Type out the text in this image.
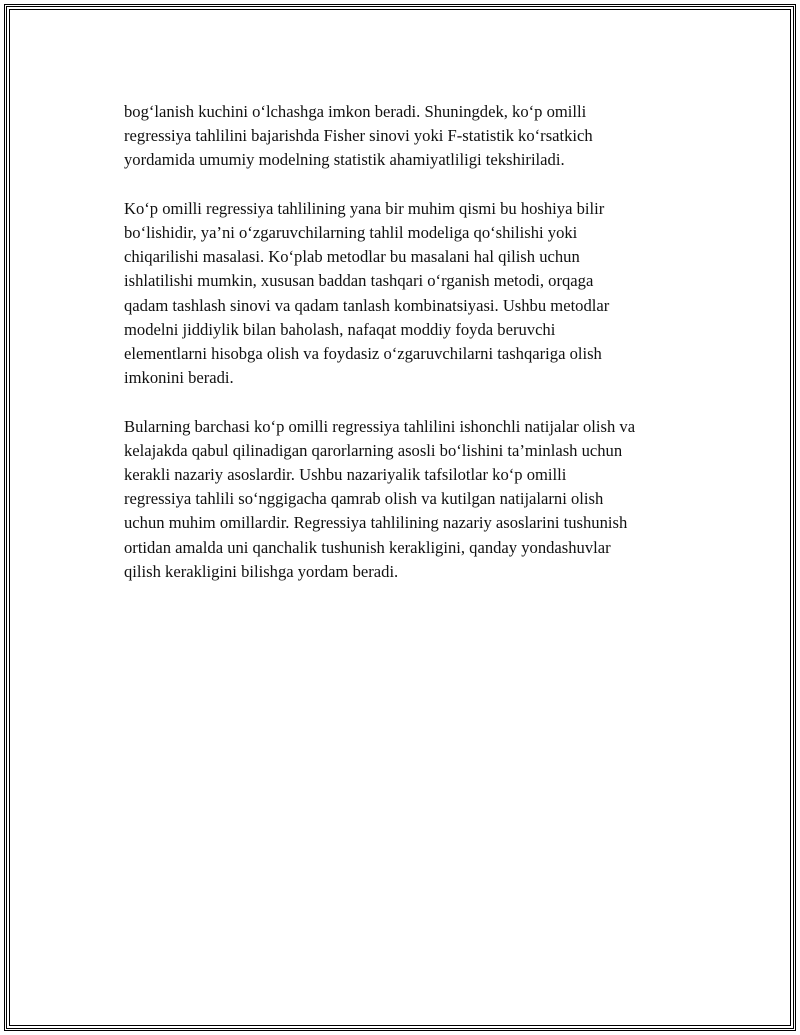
bog‘lanish kuchini o‘lchashga imkon beradi. Shuningdek, ko‘p omilli
regressiya tahlilini bajarishda Fisher sinovi yoki F-statistik ko‘rsatkich
yordamida umumiy modelning statistik ahamiyatliligi tekshiriladi.

Ko‘p omilli regressiya tahlilining yana bir muhim qismi bu hoshiya bilir
bo‘lishidir, ya’ni o‘zgaruvchilarning tahlil modeliga qo‘shilishi yoki
chiqarilishi masalasi. Ko‘plab metodlar bu masalani hal qilish uchun
ishlatilishi mumkin, xususan baddan tashqari o‘rganish metodi, orqaga
qadam tashlash sinovi va qadam tanlash kombinatsiyasi. Ushbu metodlar
modelni jiddiylik bilan baholash, nafaqat moddiy foyda beruvchi
elementlarni hisobga olish va foydasiz o‘zgaruvchilarni tashqariga olish
imkonini beradi.

Bularning barchasi ko‘p omilli regressiya tahlilini ishonchli natijalar olish va
kelajakda qabul qilinadigan qarorlarning asosli bo‘lishini ta’minlash uchun
kerakli nazariy asoslardir. Ushbu nazariyalik tafsilotlar ko‘p omilli
regressiya tahlili so‘nggigacha qamrab olish va kutilgan natijalarni olish
uchun muhim omillardir. Regressiya tahlilining nazariy asoslarini tushunish
ortidan amalda uni qanchalik tushunish kerakligini, qanday yondashuvlar
qilish kerakligini bilishga yordam beradi.
